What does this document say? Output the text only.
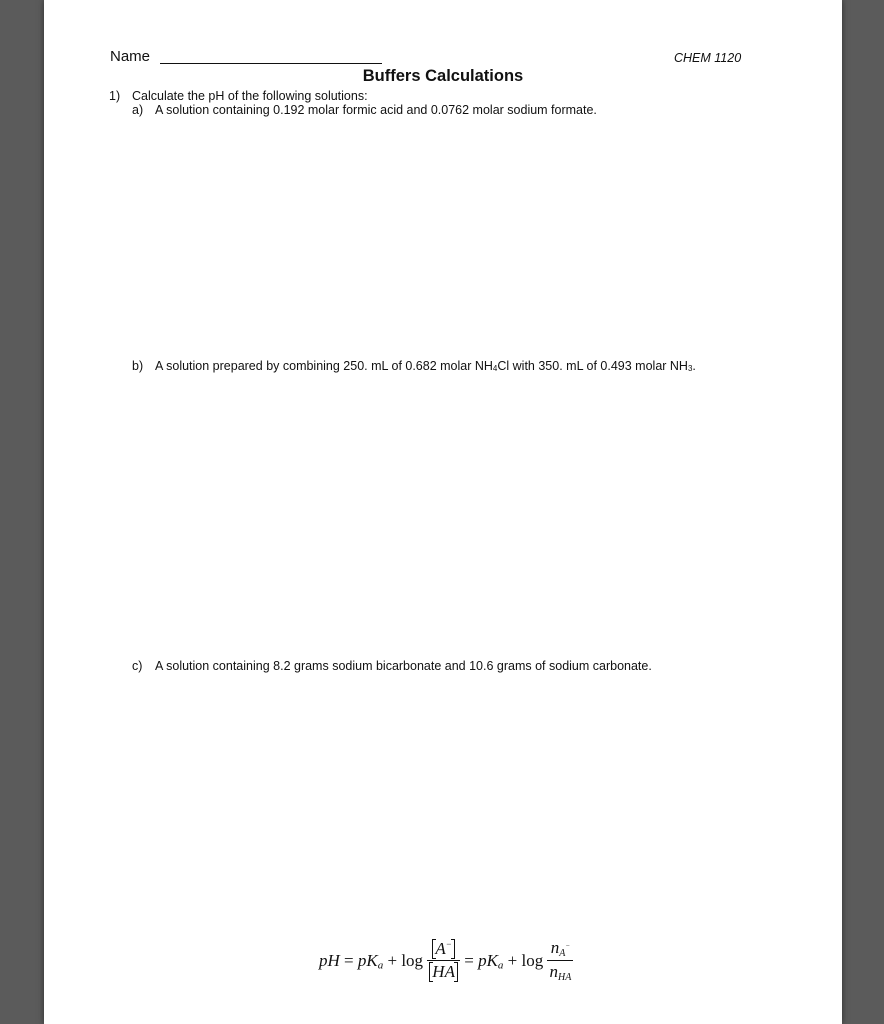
Name	CHEM 1120
Buffers Calculations
1) Calculate the pH of the following solutions:
a) A solution containing 0.192 molar formic acid and 0.0762 molar sodium formate.
b) A solution prepared by combining 250. mL of 0.682 molar $NH_4Cl$ with 350. mL of 0.493 molar $NH_3$.
c) A solution containing 8.2 grams sodium bicarbonate and 10.6 grams of sodium carbonate.
pH = $pK_a + \log \frac{A^-}{HA} = pK_a + \log \frac{nA^-}{\text{nHA}}$
